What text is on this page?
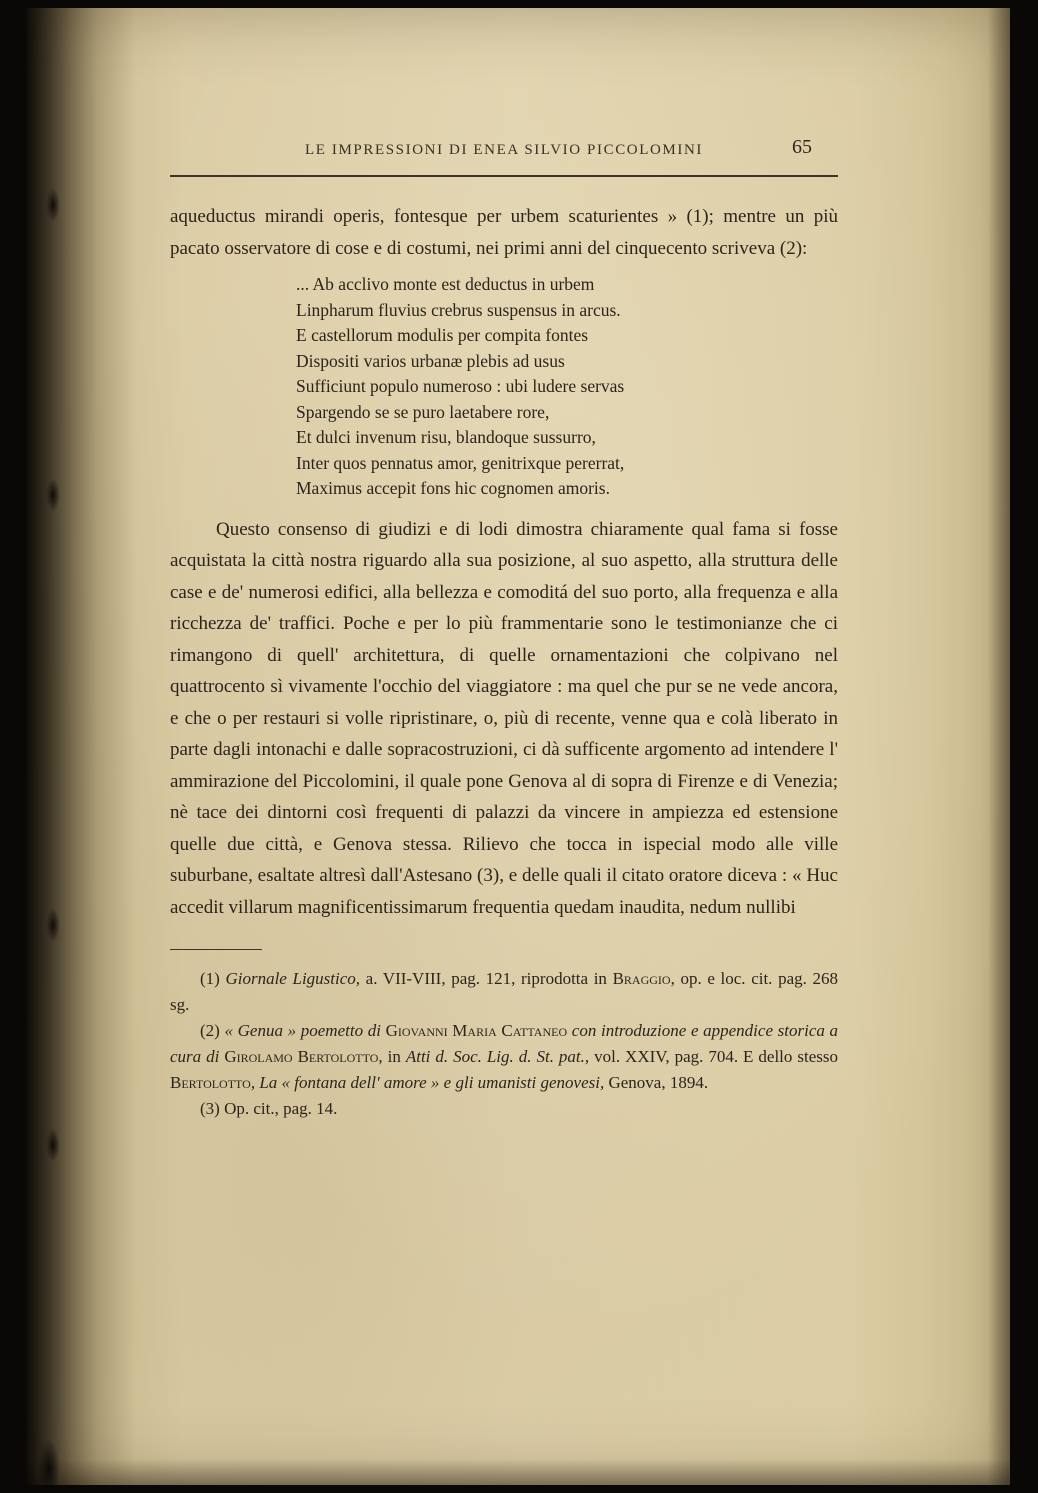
LE IMPRESSIONI DI ENEA SILVIO PICCOLOMINI	65

aqueductus mirandi operis, fontesque per urbem scaturientes » (1); mentre un più pacato osservatore di cose e di costumi, nei primi anni del cinquecento scriveva (2):

... Ab acclivo monte est deductus in urbem
Linpharum fluvius crebrus suspensus in arcus.
E castellorum modulis per compita fontes
Dispositi varios urbanæ plebis ad usus
Sufficiunt populo numeroso : ubi ludere servas
Spargendo se se puro laetabere rore,
Et dulci invenum risu, blandoque sussurro,
Inter quos pennatus amor, genitrixque pererrat,
Maximus accepit fons hic cognomen amoris.

Questo consenso di giudizi e di lodi dimostra chiaramente qual fama si fosse acquistata la città nostra riguardo alla sua posizione, al suo aspetto, alla struttura delle case e de' numerosi edifici, alla bellezza e comoditá del suo porto, alla frequenza e alla ricchezza de' traffici. Poche e per lo più frammentarie sono le testimonianze che ci rimangono di quell' architettura, di quelle ornamentazioni che colpivano nel quattrocento sì vivamente l'occhio del viaggiatore : ma quel che pur se ne vede ancora, e che o per restauri si volle ripristinare, o, più di recente, venne qua e colà liberato in parte dagli intonachi e dalle sopracostruzioni, ci dà sufficente argomento ad intendere l' ammirazione del Piccolomini, il quale pone Genova al di sopra di Firenze e di Venezia; nè tace dei dintorni così frequenti di palazzi da vincere in ampiezza ed estensione quelle due città, e Genova stessa. Rilievo che tocca in ispecial modo alle ville suburbane, esaltate altresì dall'Astesano (3), e delle quali il citato oratore diceva : « Huc accedit villarum magnificentissimarum frequentia quedam inaudita, nedum nullibi

(1) Giornale Ligustico, a. VII-VIII, pag. 121, riprodotta in Braggio, op. e loc. cit. pag. 268 sg.

(2) « Genua » poemetto di Giovanni Maria Cattaneo con introduzione e appendice storica a cura di Girolamo Bertolotto, in Atti d. Soc. Lig. d. St. pat., vol. XXIV, pag. 704. E dello stesso Bertolotto, La « fontana dell' amore » e gli umanisti genovesi, Genova, 1894.

(3) Op. cit., pag. 14.
